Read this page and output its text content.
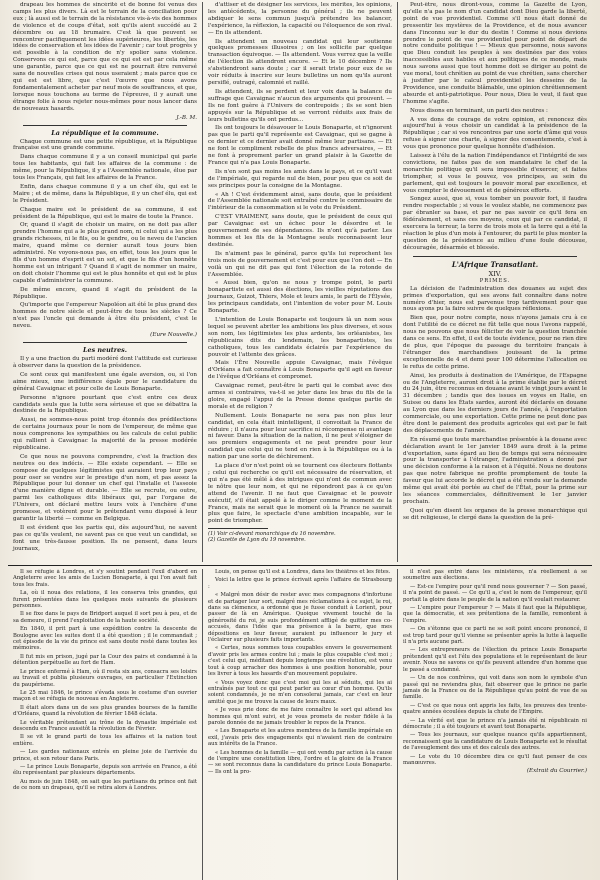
drapeau les hommes de sincérité et de bonne foi venus des camps les plus divers. Là est le terrain de la conciliation pour eux ; là aussi est le terrain de la résistance vis-à-vis des hommes de violence et de coups d'état, soit qu'ils aient succédé au 2 décembre ou au 18 brumaire. C'est là que peuvent se rencontrer pacifiquement les idées supérieures, les libertés, les idées de conservation et les idées de l'avenir ; car tout progrès y est possible à la condition de n'y spolier sans violence. Conservons ce qui est, parce que ce qui est est par cela même une garantie, parce que ce qui est ne pourrait être renversé sans de nouvelles crises qui nous useraient ; mais parce que ce qui est est libre, que c'est l'œuvre que nous avons fondamentalement acheter par neuf mois de souffrances, et que, lorsque nous touchons au terme de l'épreuve, il y aurait une étrange folie à nous rejeter nous-mêmes pour nous lancer dans de nouveaux hasards.

J.-B. M.

La république et la commune.

Chaque commune est une petite république, et la République française est une grande commune.

Dans chaque commune il y a un conseil municipal qui parle tous les habitants, qui fait les affaires de la commune : de même, pour la République, il y a l'Assemblée nationale, élue par tous les Français, qui fait les affaires de la France.

Enfin, dans chaque commune il y a un chef élu, qui est le Maire ; et de même, dans la République, il y un chef élu, qui est le Président.

Chaque maire est le président de sa commune, il est président de la République, qui est le maire de toute la France.

Or, quand il s'agit de choisir un maire, on ne doit pas aller prendre l'homme qui a le plus grand nom, ni celui qui a les plus grands richesses, ni le fils, ou le gendre, ou le neveu de l'ancien maire, quand même ce dernier aurait tous jours bien administré. Ne voyons-nous pas, en effet, tous les jours que le fils d'un homme d'esprit est un sot, et que le fils d'un honnête homme est un intrigant ? Quand il s'agit de nommer un maire, on doit choisir l'homme qui est le plus honnête et qui est le plus capable d'administrer la commune.

De même encore, quand il s'agit du président de la République.

Qu'importe que l'empereur Napoléon ait été le plus grand des hommes de notre siècle et peut-être de tous les siècles ? Ce n'est pas l'oncle qui demande à être élu président, c'est le neveu.

(Eure Nouvelle.)

Les neutres.

Il y a une fraction du parti modéré dont l'attitude est curieuse à observer dans la question de la présidence.

Ce sont ceux qui manifestent une égale aversion, ou, si l'on aime mieux, une indifférence égale pour le candidature du général Cavaignac et pour celle de Louis Bonaparte.

Personne n'ignore pourtant que c'est entre ces deux candidats seuls que la lutte sera sérieuse et que se débattra la destinée de la République.

Aussi, ne sommes-nous point trop étonnés des prédilections de certains journaux pour le nom de l'empereur, de même que nous comprenons les sympathies ou les calculs de celui public qui rallient à Cavaignac la majorité de la presse modérée républicaine.

Ce que nous ne pouvons comprendre, c'est la fraction des neutres ou des indécis. — Elle existe cependant. — Elle se compose de quelques légitimistes qui auraient trop leur pays pour oser se vendre sur le prestige d'un nom, et pas assez la République pour lui donner un chef qui l'installe et l'asseoie d'une manière digne et durable. — Elle se recrute, ou outre, parmi les catholiques dits libéraux qui, par l'organe de l'Univers, ont déclaré mettre leurs voix à l'enchère d'une promesse, et votèrent pour le prétendant venu disposé à leur garantir la liberté — comme en Belgique.

Il est évident que les partis qui, dès aujourd'hui, ne savent pas ce qu'ils veulent, ne savent pas ce que veut un candidat, se font une très-fausse position. Ils ne pensent, dans leurs journaux,

d'attiser et de désigner les services, les mérites, les opinions, les antécédents, la personne du général ; ils ne peuvent abdiquer le sens commun jusqu'à prétendre les balancer, l'expérience, la réflexion, la capacité ou l'éloquence de son rival. — En ils attendent.

Ils attendent un nouveau candidat qui leur soutienne quelques promesses illusoires ; on les sollicite par quelque transaction équivoque. — Ils attendent. Vous verrez que la veille de l'élection ils attendront encore. — Et le 10 décembre ? Ils s'abstiendront sans doute ; car il serait triste pour eux de se voir réduits à inscrire sur leurs bulletins un nom qu'ils auront persiflé, outragé, calomnié et raillé.

Ils attendent, ils se perdent et leur voix dans la balance du suffrage que Cavaignac n'aucun des arguments qui prouvent. — Ils ne font guère à l'Univers de contrepoids ; ils se sont bien appuyés sur la République et se verront réduits aux frais de leurs bulletins qu'ils ont perdus...

Ils ont toujours le désavouer le Louis Bonaparte, et n'ignorent pas que le parti qu'il représente est Cavaignac, qui se gagne à ce dernier et ce dernier avait donné même leur partisans. — Et ne font le compliment rebelle de plus francs adversaires, — Et ne font à proprement parler un grand plaisir à la Gazette de France qui n'a pas Louis Bonaparte.

Ils n'en sont pas moins les amis dans le pays, et ce qu'il vaut de l'impériale, qui regarde nul de bien, pour peu que ce soit de ses principes pour la consigne de la Montagne.

« Ah ! C'est évidemment ainsi, sans doute, que le président de l'Assemblée nationale soit entraîné contre le commissaire de l'intérieur de la consommation si le vote du Président.

C'EST VRAIMENT, sans doute, que le président de ceux qui par Cavaignac est un échec pour le désordre et le gouvernement de ses dépendances. Ils n'ont qu'à parler. Les hommes et les fils de la Montagne seuls reconnaissent leur destinée.

Ils n'aiment pas le général, parce qu'ils lui reprochent les trois mois de gouvernement et c'est pour eux que l'on doit — En voilà un qui ne dit pas qui font l'élection de la rotonde de l'Assemblée.

« Aussi bien, qu'on ne nous y trompe point, le parti bonapartiste est aussi des élections, les vieilles réputations des journaux, Guizot, Thiers, Mole et leurs amis, le parti de l'Élysée, les principaux candidats, ont l'intention de voter pour M. Louis Bonaparte.

L'intention de Louis Bonaparte est toujours là un nom sous lequel se peuvent abriter les ambitions les plus diverses, et sous son nom, les légitimistes les plus ardents, les orléanistes, les républicains dits du lendemain, les bonapartistes, les catholiques, tous les candidats éclairés par l'expérience du pouvoir et l'attente des grâces.

Mais l'Ère Nouvelle appuie Cavaignac, mais l'évêque d'Orléans a fait connaître à Louis Bonaparte qu'il agit en faveur de l'évêque d'Orléans et compromet.

Cavaignac remet, peut-être le parti qui le combat avec des armes si contraires, va-t-il se jeter dans les bras du fils de la gloire, engagé l'appui de la Presse donne quelque partie de morale et de religion ?

Nullement. Louis Bonaparte ne sera pas non plus leur candidat, en cela était inintelligent, il convoitait la France de réduire ; il n'aura pour leur sacrifice ni récompense ni avantage ni faveur. Dans la situation de la nation, il ne peut s'éloigner de ses premiers engagements et ne peut prendre pour leur candidat que celui qui ne tend en rien à la République ou à la nation par une sorte de déchirement.

La place d'or n'est point où se tournent ces électeurs flottants ; celui qui recherche ce qu'il est nécessaire de réservation, et qui n'a pas été mêlé à des intrigues qui n'ont de commun avec le nôtre que leur nom, et qui ne répondront pas à ce qu'on attend de l'avenir. Il ne faut que Cavaignac et le pouvoir exécutif, s'il était appelé à le diriger comme le moment de la France, mais ne serait que le moment où la France ne saurait plus que faire, le spectacle d'une ambition incapable, sur le point de triompher.

(1) Voir ci-devant monarchique du 16 novembre.

(2) Gazette de Lyon du 19 novembre.

Peut-être, nous diront-vous, comme la Gazette de Lyon, qu'elle n'a pas le nom d'un candidat dont Dieu garde la liberté, point de vue providentiel. Comme s'il nous était donné de pressentir les mystères de la Providence, et de nous avancer dans l'inconnu sur le dur du destin ! Comme si nous devions prendre le point de vue providentiel pour point de départ de notre conduite politique ! — Mieux que personne, nous savons que Dieu conduit les peuples à ses destinées par des voies inaccessibles aux habiles et aux politiques de ce monde, mais nous savons aussi que tout homme doit se diriger au point de vue moral, tout chrétien au point de vue chrétien, sans chercher à justifier par le calcul providentiel les desseins de la Providence, une conduite blâmable, une opinion chrétiennement absurde et anti-patriotique. Pour nous, Dieu le veut, il faut que l'homme s'agite.

Nous disons en terminant, un parti des neutres :

A vos dons de courage de votre opinion, et renoncez dès aujourd'hui à vous choisir un candidat à la présidence de la République ; car si vos rencontres par une sorte d'âme qui vous refuse à signer une charte, à signer des consentements, c'est à vous que prononce pour quelque honnête d'adhésion.

Laissez à l'élu de la nation l'indépendance et l'intégrité de ses convictions, ne faites pas de son mandataire le chef de la monarchie politique qu'il sera impossible d'exercer, et faites triompher, si vous le pouvez, vos principes, au sein du parlement, qui est toujours le pouvoir moral par excellence, et vous compter le dévouement et de généreux efforts.

Songez aussi, que si, vous tomber un pouvoir fort, il faudra rendre respectable ; si vous le voulez stable, ne commencez pas par ébranler sa base, et par ne pas savoir ce qu'il fera en fédéralement, et sans ces moyens, ceux qui par ce candidat, il exercera la terreur, la terre de trois mois et la terre qui a été la réaction le plus d'un mois à l'entourer, du parti le plus monter la question de la présidence au milieu d'une foule décousue, découragée, désarmée et blessée.

L'Afrique Transatlant.

XIV.

PRIMES.

La décision de l'administration des douanes au sujet des primes d'exportation, qui ses avons fait connaître dans notre numéro d'hier, nous est parvenue trop tardivement pour que nous ayons pu la faire suivre de quelques réflexions.

Bien que, pour notre compte, nous n'ayons jamais cru à ce dont l'utilité de ce décret ne fût telle que nous l'avons rappelé, nous ne pouvons que nous féliciter de voir la question tranchée dans ce sens. En effet, il est de toute évidence, pour ne rien dire de plus, que l'époque du passage du territoire français à l'étranger des marchandises jouissant de la prime exceptionnelle de 4 et demi pour 100 détermine l'allocation ou le refus de cette prime.

Ainsi, les produits à destination de l'Amérique, de l'Espagne ou de l'Angleterre, auront droit à la prime établie par le décret du 24 juin, être reconnus en douane avant le vingt jours avant le 31 décembre ; tandis que des issues en voyes en Italie, en Suisse ou dans les États sardes, auront été déclarés en douane au Lyon que dans les derniers jours de l'année, à l'exportation commerciale, ou une exportation. Cette prime ne peut donc pas être dont le paiement des produits agricoles qui est par le fait des déplacements de l'année.

En résumé que toute marchandise présentée à la douane avec déclaration avant le 1er janvier 1849 aura droit à la prime d'exportation, sans égard au lieu de temps qui sera nécessaire pour la transporter à l'étranger, l'administration a donné par une décision conforme à la raison et à l'équité. Nous ne doutons pas que notre fabrique ne profite promptement de toute la faveur que lui accorde le décret qui a été rendu sur la demande même qui avait été portée au chef de l'État, pour la prime sur les séances commerciales, définitivement le 1er janvier prochain.

Quoi qu'en disent les organes de la presse monarchique qui se dit religieuse, le clergé dans la question de la pré-

Il se réfugie à Londres, et s'y soutint pendant l'exil d'abord en Angleterre avec les amis de Lucien Bonaparte, à qui l'on avait fait tous les frais.

La, où il noua des relations, il les conserva très grandes, qui furent présentées dans les quelques mois suivants de plusieurs personnes.

Il se fixe dans le pays de Bridport auquel il sort peu à peu, et de sa demeure, il prend l'exploitation de la haute société.

En 1840, il prit part à une expédition contre la descente de Boulogne avec les suites dont il a été question ; il le commandait ; cet épisode de la vie du prince est sans doute resté dans toutes les mémoires.

Il fut mis en prison, jugé par la Cour des pairs et condamné à la détention perpétuelle au fort de Ham.

Le prince enfermé à Ham, où il resta six ans, consacra ses loisirs au travail et publia plusieurs ouvrages, en particulier l'Extinction du paupérisme.

Le 25 mai 1846, le prince s'évada sous le costume d'un ouvrier maçon et se réfugia de nouveau en Angleterre.

Il était alors dans un de ses plus grandes bourses de la famille d'Orléans, quand la révolution de février 1848 éclata.

Le véritable prétendant au trône de la dynastie impériale est descendu en France aussitôt la révolution de Février.

Il se vit le grand parti de tous les affaires et la nation tout entière.

— Les gardes nationaux entrés en pleine joie de l'arrivée du prince, et son retour dans Paris.

— Le prince Louis Bonaparte, depuis son arrivée en France, a été élu représentant par plusieurs départements.

Au mois de juin 1848, on sait que les partisans du prince ont fait de ce nom un drapeau, qu'il se retira alors à Londres.

Louis, on pense qu'il est à Londres, dans les théâtres et les fêtes.

Voici la lettre que le prince écrivait après l'affaire de Strasbourg :

« Malgré mon désir de rester avec mes compagnons d'infortune et de partager leur sort, malgré mes réclamations à ce sujet, le roi, dans sa clémence, a ordonné que je fusse conduit à Lorient, pour passer de là en Amérique. Quoique vivement touché de la générosité du roi, je suis profondément affligé de quitter mes co-accusés, dans l'idée que ma présence à la barre, que mes dépositions en leur faveur, auraient pu influencer le jury et l'éclairer sur plusieurs faits importants.

« Certes, nous sommes tous coupables envers le gouvernement d'avoir pris les armes contre lui ; mais le plus coupable c'est moi ; c'est celui qui, méditant depuis longtemps une révolution, est venu tout à coup arracher des hommes à une position honorable, pour les livrer à tous les hasards d'un mouvement populaire.

« Vous voyez donc que c'est moi qui les ai séduits, qui les ai entraînés par tout ce qui peut parler au cœur d'un homme. Qu'ils soient condamnés, je ne m'en consolerai jamais, car c'est en leur amitié que je me trouve la cause de leurs maux.

« Je vous prie donc de me faire connaître le sort qui attend les hommes qui m'ont suivi, et je vous promets de rester fidèle à la parole donnée de ne jamais troubler le repos de la France.

« Les Bonaparte et les autres membres de la famille impériale en exil, j'avais pris des engagements qui n'avaient rien de contraire aux intérêts de la France.

« Les hommes de la famille — qui ont vendu par action à la cause de l'empire une constitution libre, l'ordre et la gloire de la France — se sont reconnus dans la candidature du prince Louis Bonaparte. — Ils ont la pro-

il n'est pas entré dans les ministères, n'a réellement à se soumettre aux élections.

— Est-ce l'empire pour qu'il rend nous gouverner ? — Son passé, il n'a point de passé. — Ce qu'il a, c'est le nom de l'empereur, qu'il portait la gloire dans le peuple de la nation qu'il voulait restaurer.

— L'empire pour l'empereur ? — Mais il faut que la République, que la démocratie, et ses prétentions de la famille, remontent à l'empire.

— On s'étonne que ce parti ne se soit point encore prononcé, il est trop tard pour qu'il vienne se présenter après la lutte à laquelle il n'a pris aucune part.

— Les entrepreneurs de l'élection du prince Louis Bonaparte prétendent qu'il est l'élu des populations et le représentant de leur avenir. Nous ne savons ce qu'ils peuvent attendre d'un homme que le passé a condamné.

— Un de nos confrères, qui voit dans son nom le symbole d'un passé qui ne reviendra plus, fait observer que le prince ne parle jamais de la France ou de la République qu'au point de vue de sa famille.

— C'est ce que nous ont appris les faits, les preuves des trente-quatre années écoulées depuis la chute de l'Empire.

— La vérité est que le prince n'a jamais été ni républicain ni démocrate ; il a été toujours et avant tout Bonaparte.

— Tous les journaux, sur quelque nuance qu'ils appartiennent, reconnaissent que la candidature de Louis Bonaparte est le résultat de l'aveuglement des uns et des calculs des autres.

— Le vote du 10 décembre dira ce qu'il faut penser de ces manœuvres.

(Extrait du Courrier.)
